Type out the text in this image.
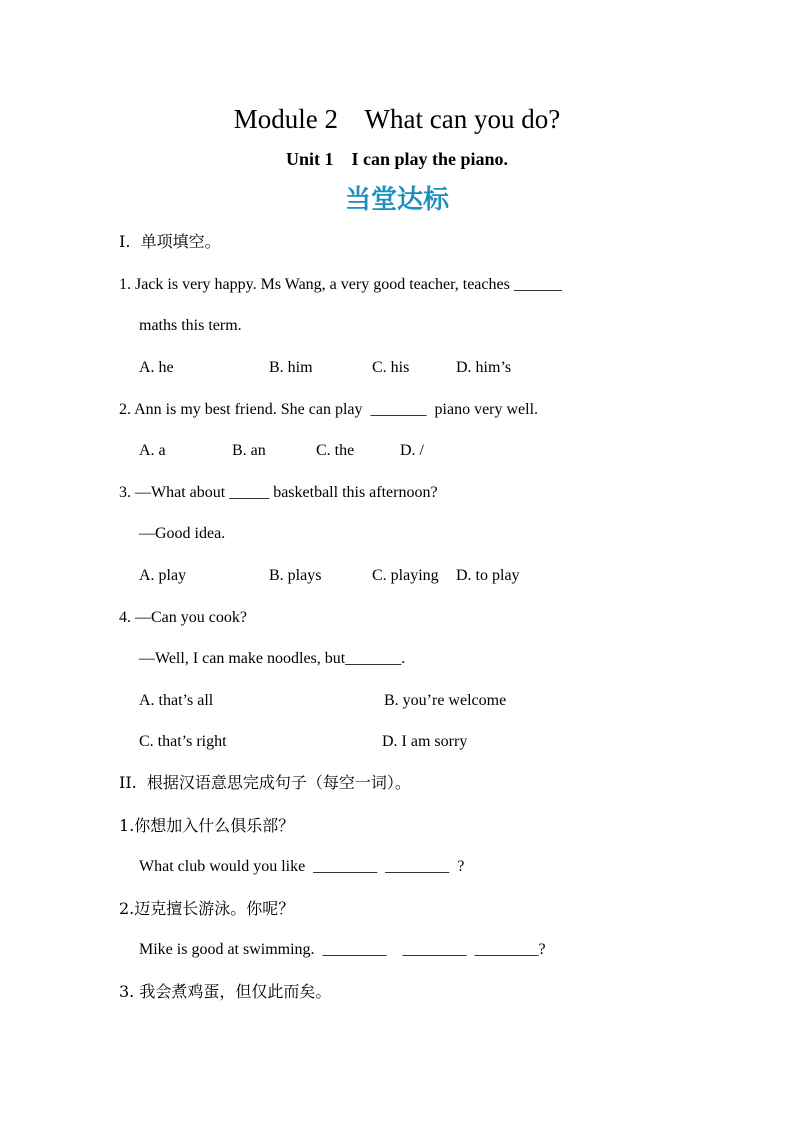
Module 2    What can you do?
Unit 1    I can play the piano.
当堂达标
I.  单项填空。
1. Jack is very happy. Ms Wang, a very good teacher, teaches ______
maths this term.
A. he	B. him	C. his	D. him’s
2. Ann is my best friend. She can play  _______  piano very well.
A. a	B. an	C. the	D. /
3. —What about _____ basketball this afternoon?
—Good idea.
A. play	B. plays	C. playing D. to play
4. —Can you cook?
—Well, I can make noodles, but_______.
A. that’s all	B. you’re welcome
C. that’s right	D. I am sorry
II.  根据汉语意思完成句子（每空一词）。
1.你想加入什么俱乐部？
What club would you like  ________  ________  ?
2.迈克擅长游泳。你呢？
Mike is good at swimming.  ________    ________  ________?
3. 我会煮鸡蛋，但仅此而矣。
